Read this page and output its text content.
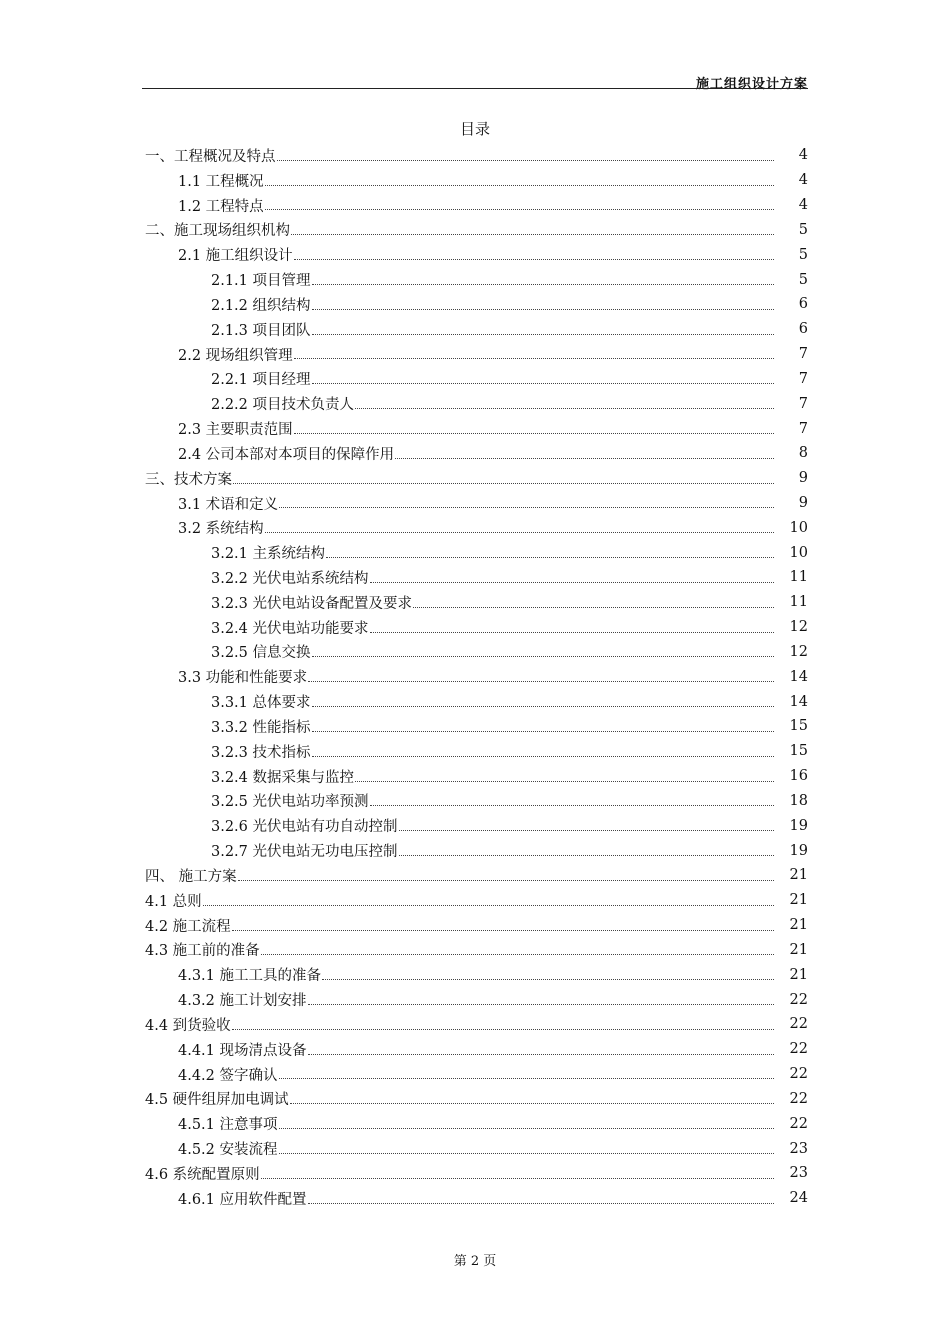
施工组织设计方案
目录
一、工程概况及特点	4
1.1 工程概况	4
1.2 工程特点	4
二、施工现场组织机构	5
2.1 施工组织设计	5
2.1.1 项目管理	5
2.1.2 组织结构	6
2.1.3 项目团队	6
2.2 现场组织管理	7
2.2.1 项目经理	7
2.2.2 项目技术负责人	7
2.3 主要职责范围	7
2.4 公司本部对本项目的保障作用	8
三、技术方案	9
3.1 术语和定义	9
3.2 系统结构	10
3.2.1 主系统结构	10
3.2.2 光伏电站系统结构	11
3.2.3 光伏电站设备配置及要求	11
3.2.4 光伏电站功能要求	12
3.2.5 信息交换	12
3.3 功能和性能要求	14
3.3.1 总体要求	14
3.3.2 性能指标	15
3.2.3 技术指标	15
3.2.4 数据采集与监控	16
3.2.5 光伏电站功率预测	18
3.2.6 光伏电站有功自动控制	19
3.2.7 光伏电站无功电压控制	19
四、 施工方案	21
4.1 总则	21
4.2 施工流程	21
4.3 施工前的准备	21
4.3.1 施工工具的准备	21
4.3.2 施工计划安排	22
4.4 到货验收	22
4.4.1 现场清点设备	22
4.4.2 签字确认	22
4.5 硬件组屏加电调试	22
4.5.1 注意事项	22
4.5.2 安装流程	23
4.6 系统配置原则	23
4.6.1 应用软件配置	24
第 2 页
